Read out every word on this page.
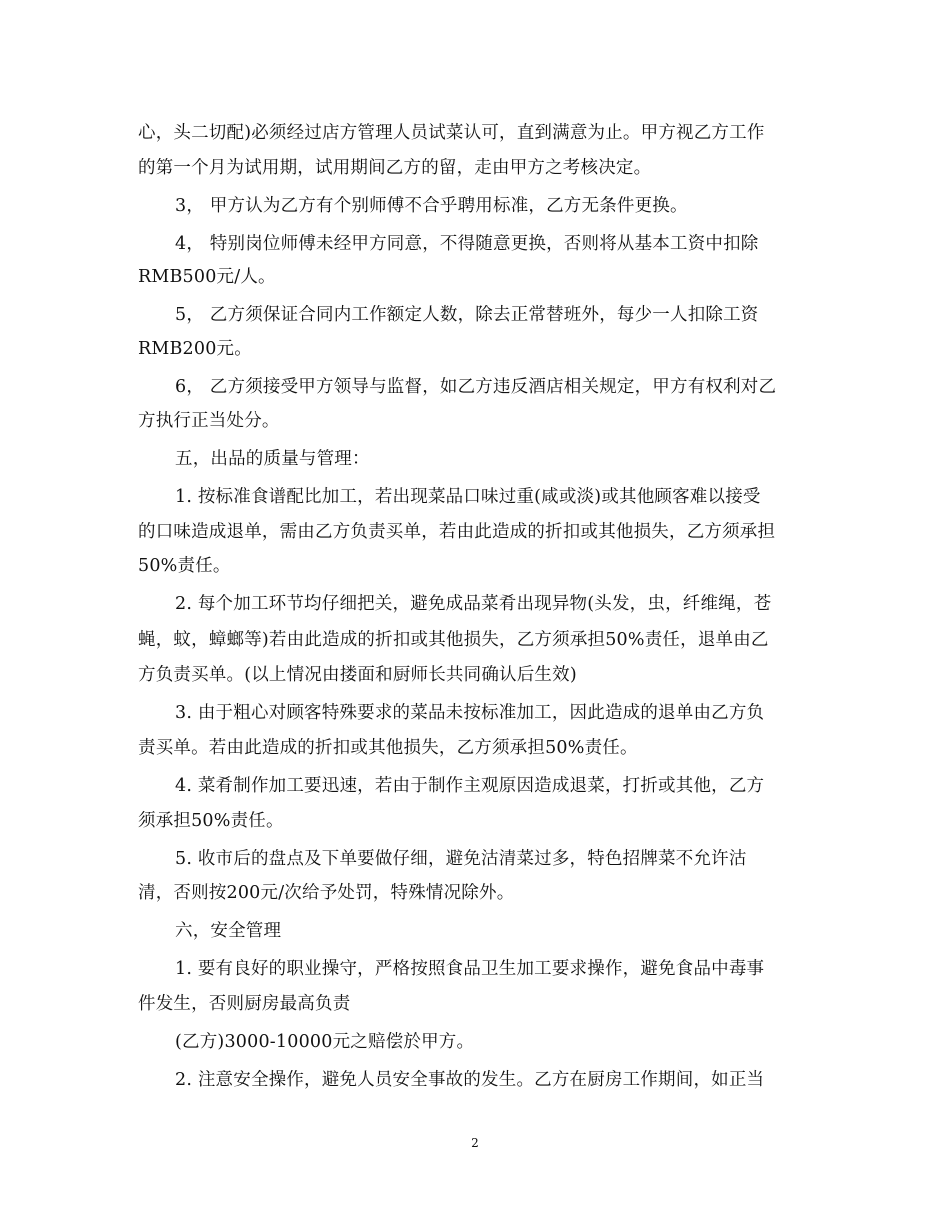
心，头二切配)必须经过店方管理人员试菜认可，直到满意为止。甲方视乙方工作
的第一个月为试用期，试用期间乙方的留，走由甲方之考核决定。
3， 甲方认为乙方有个别师傅不合乎聘用标准，乙方无条件更换。
4， 特别岗位师傅未经甲方同意，不得随意更换，否则将从基本工资中扣除
RMB500元/人。
5， 乙方须保证合同内工作额定人数，除去正常替班外，每少一人扣除工资
RMB200元。
6， 乙方须接受甲方领导与监督，如乙方违反酒店相关规定，甲方有权利对乙
方执行正当处分。
五，出品的质量与管理：
1. 按标准食谱配比加工，若出现菜品口味过重(咸或淡)或其他顾客难以接受
的口味造成退单，需由乙方负责买单，若由此造成的折扣或其他损失，乙方须承担
50%责任。
2. 每个加工环节均仔细把关，避免成品菜肴出现异物(头发，虫，纤维绳，苍
蝇，蚊，蟑螂等)若由此造成的折扣或其他损失，乙方须承担50%责任，退单由乙
方负责买单。(以上情况由搂面和厨师长共同确认后生效)
3. 由于粗心对顾客特殊要求的菜品未按标准加工，因此造成的退单由乙方负
责买单。若由此造成的折扣或其他损失，乙方须承担50%责任。
4. 菜肴制作加工要迅速，若由于制作主观原因造成退菜，打折或其他，乙方
须承担50%责任。
5. 收市后的盘点及下单要做仔细，避免沽清菜过多，特色招牌菜不允许沽
清，否则按200元/次给予处罚，特殊情况除外。
六，安全管理
1. 要有良好的职业操守，严格按照食品卫生加工要求操作，避免食品中毒事
件发生，否则厨房最高负责
(乙方)3000-10000元之赔偿於甲方。
2. 注意安全操作，避免人员安全事故的发生。乙方在厨房工作期间，如正当
2
